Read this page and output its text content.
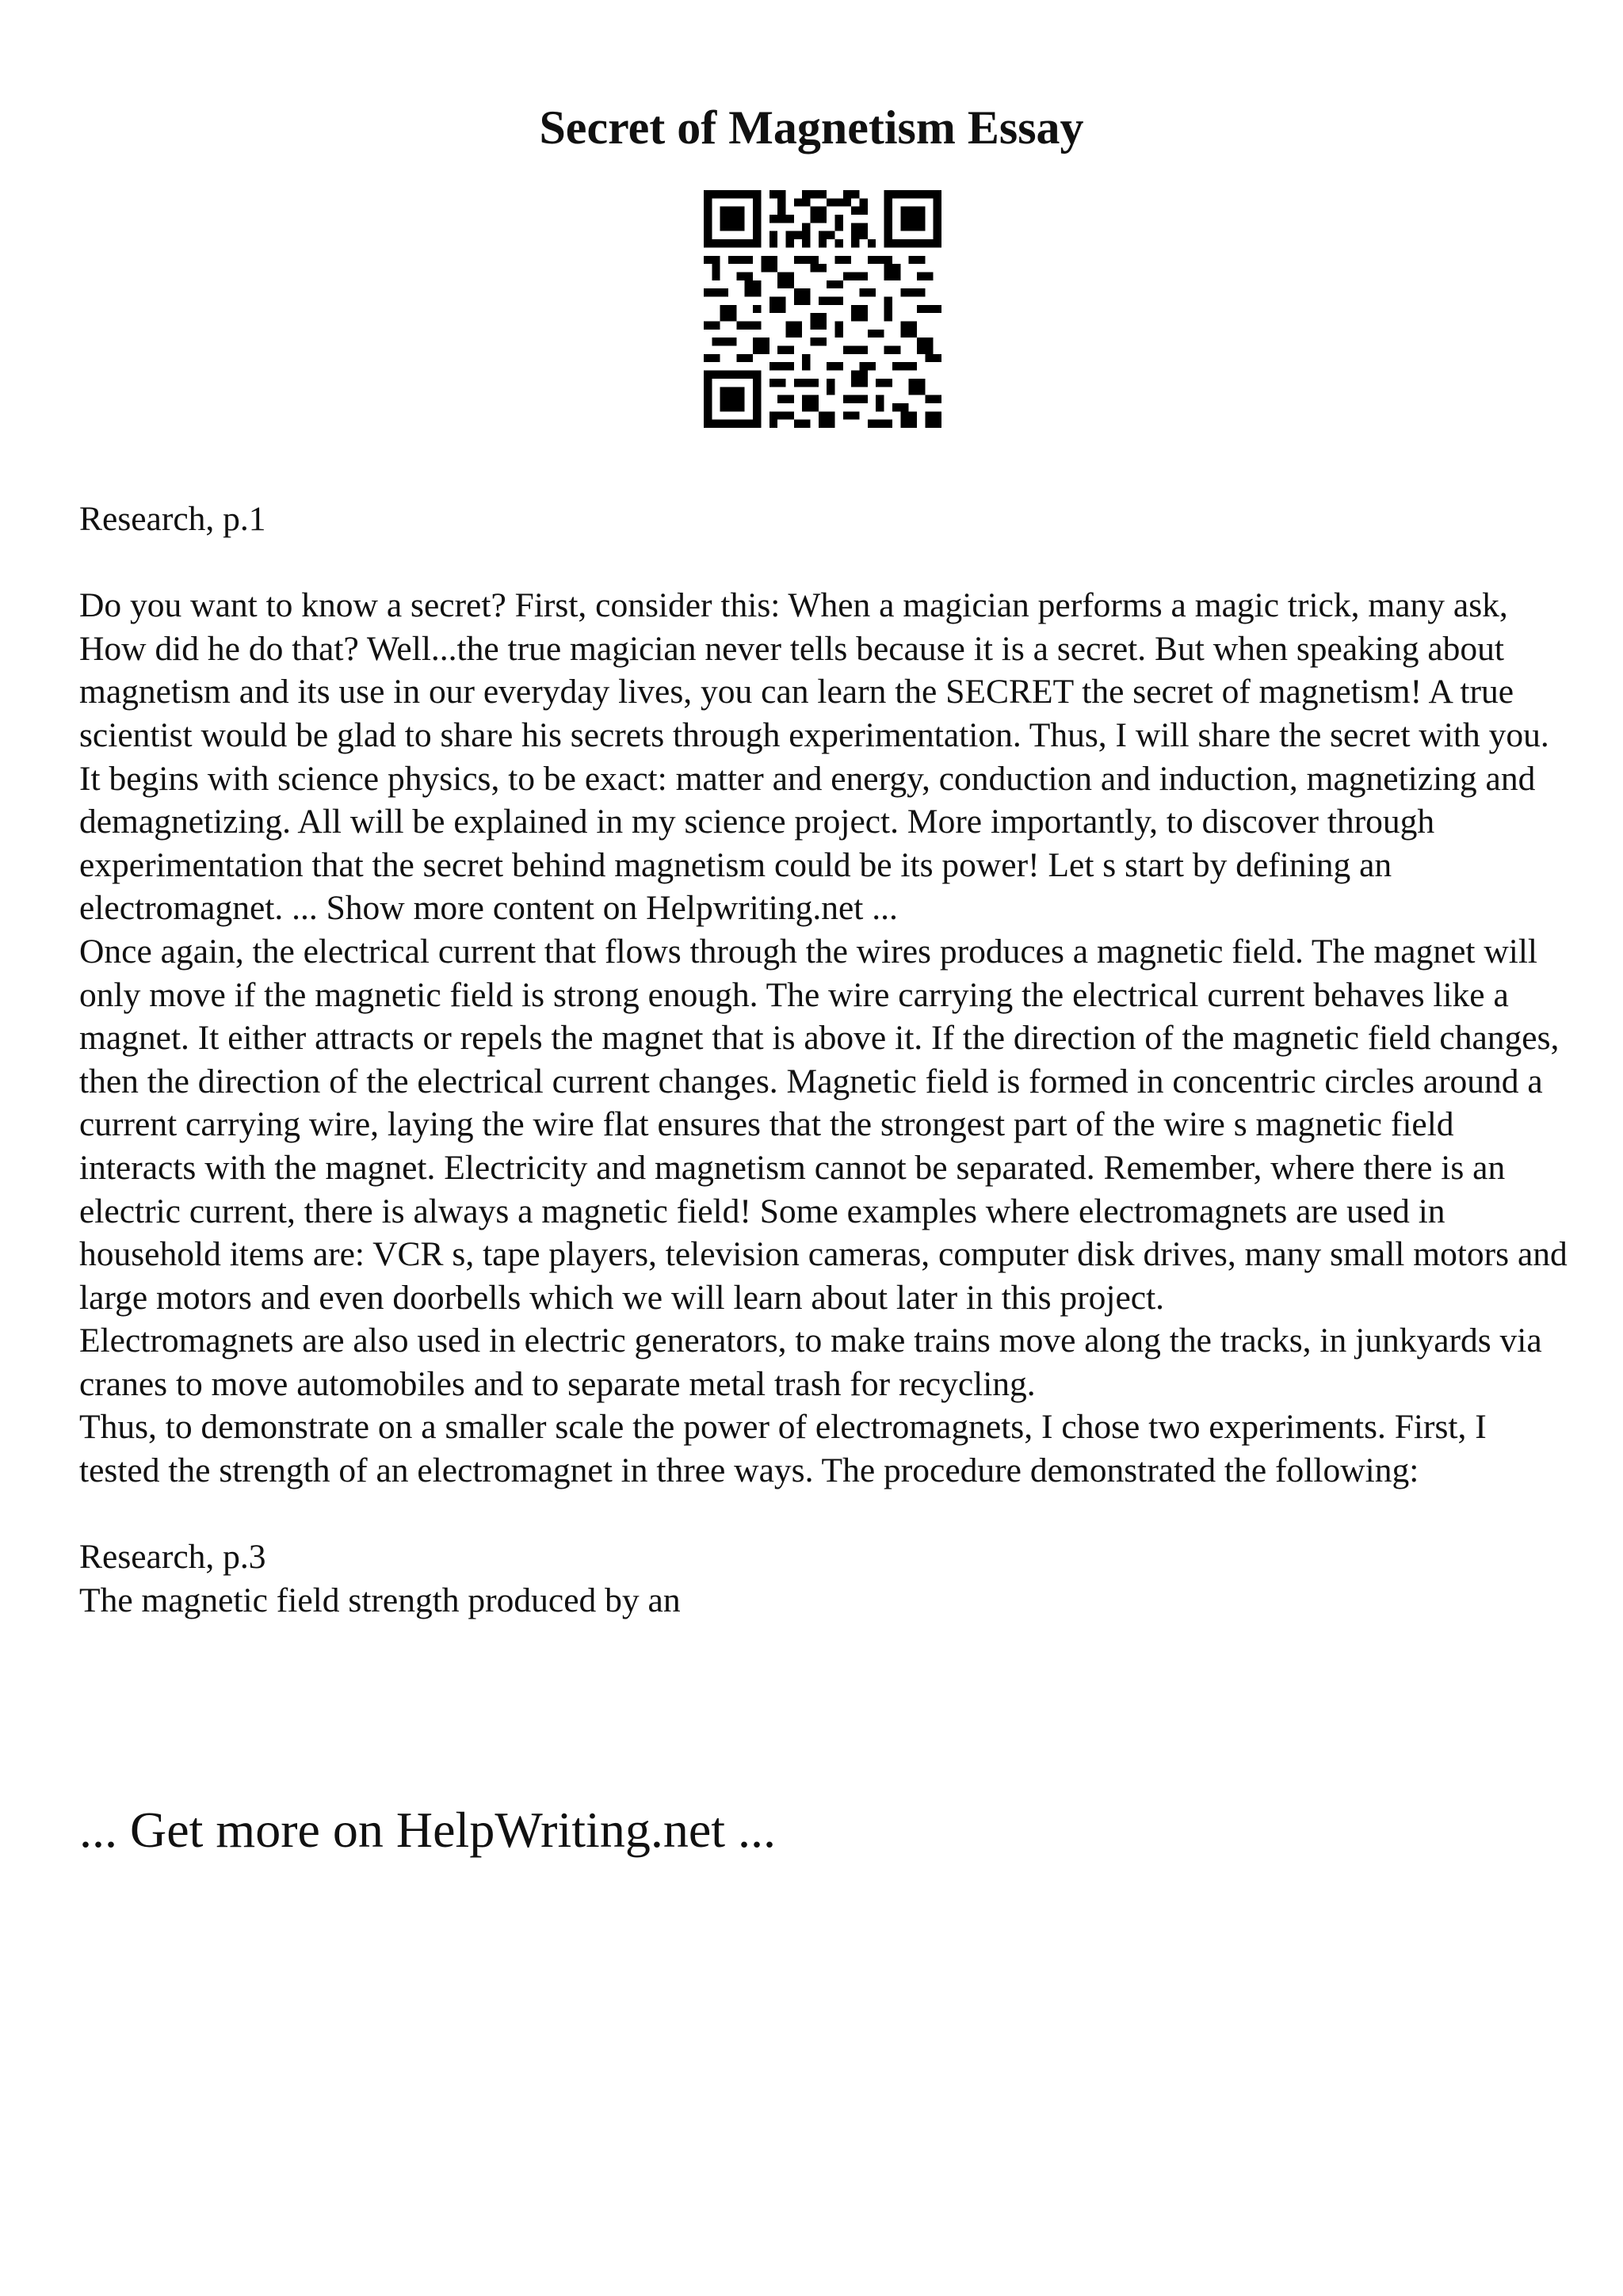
Secret of Magnetism Essay

Research, p.1

Do you want to know a secret? First, consider this: When a magician performs a magic trick, many ask, How did he do that? Well...the true magician never tells because it is a secret. But when speaking about magnetism and its use in our everyday lives, you can learn the SECRET the secret of magnetism! A true scientist would be glad to share his secrets through experimentation. Thus, I will share the secret with you. It begins with science physics, to be exact: matter and energy, conduction and induction, magnetizing and demagnetizing. All will be explained in my science project. More importantly, to discover through experimentation that the secret behind magnetism could be its power! Let s start by defining an electromagnet. ... Show more content on Helpwriting.net ...

Once again, the electrical current that flows through the wires produces a magnetic field. The magnet will only move if the magnetic field is strong enough. The wire carrying the electrical current behaves like a magnet. It either attracts or repels the magnet that is above it. If the direction of the magnetic field changes, then the direction of the electrical current changes. Magnetic field is formed in concentric circles around a current carrying wire, laying the wire flat ensures that the strongest part of the wire s magnetic field interacts with the magnet. Electricity and magnetism cannot be separated. Remember, where there is an electric current, there is always a magnetic field! Some examples where electromagnets are used in household items are: VCR s, tape players, television cameras, computer disk drives, many small motors and large motors and even doorbells which we will learn about later in this project.

Electromagnets are also used in electric generators, to make trains move along the tracks, in junkyards via cranes to move automobiles and to separate metal trash for recycling.

Thus, to demonstrate on a smaller scale the power of electromagnets, I chose two experiments. First, I tested the strength of an electromagnet in three ways. The procedure demonstrated the following:

Research, p.3

The magnetic field strength produced by an

... Get more on HelpWriting.net ...
